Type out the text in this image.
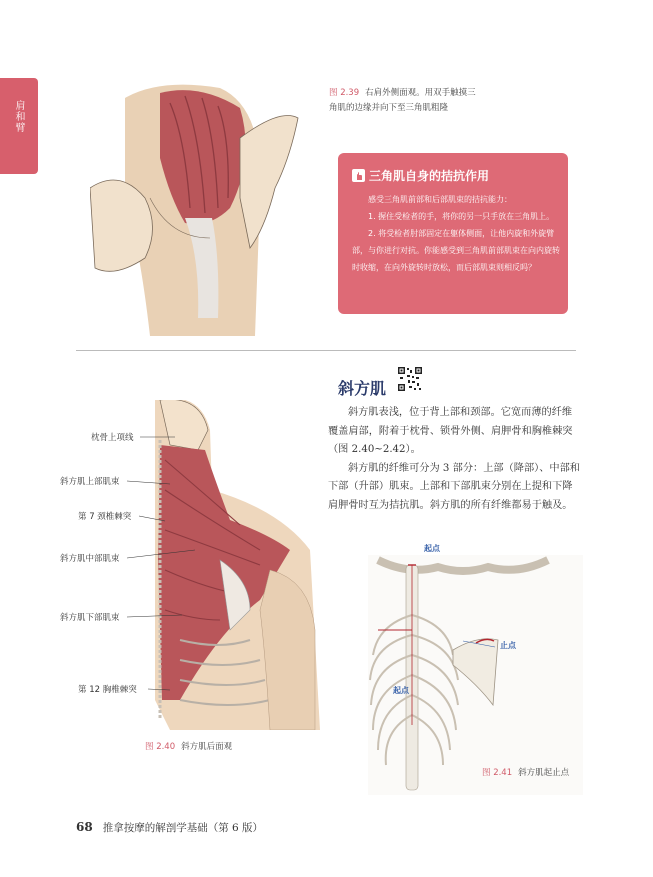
肩和臂
图 2.39 右肩外侧面观。用双手触摸三
角肌的边缘并向下至三角肌粗隆
三角肌自身的拮抗作用

感受三角肌前部和后部肌束的拮抗能力：

1. 握住受检者的手，将你的另一只手放在三角肌上。

2. 将受检者肘部固定在躯体侧面，让他内旋和外旋臂部，与你进行对抗。你能感受到三角肌前部肌束在向内旋转时收缩，在向外旋转时放松，而后部肌束则相反吗？

斜方肌

斜方肌表浅，位于背上部和颈部。它宽而薄的纤维覆盖肩部，附着于枕骨、锁骨外侧、肩胛骨和胸椎棘突（图 2.40~2.42）。

斜方肌的纤维可分为 3 部分：上部（降部）、中部和下部（升部）肌束。上部和下部肌束分别在上提和下降肩胛骨时互为拮抗肌。斜方肌的所有纤维都易于触及。

枕骨上项线
斜方肌上部肌束
第 7 颈椎棘突
斜方肌中部肌束
斜方肌下部肌束
第 12 胸椎棘突
图 2.40 斜方肌后面观
起点
止点
起点
图 2.41 斜方肌起止点
68 推拿按摩的解剖学基础（第 6 版）
